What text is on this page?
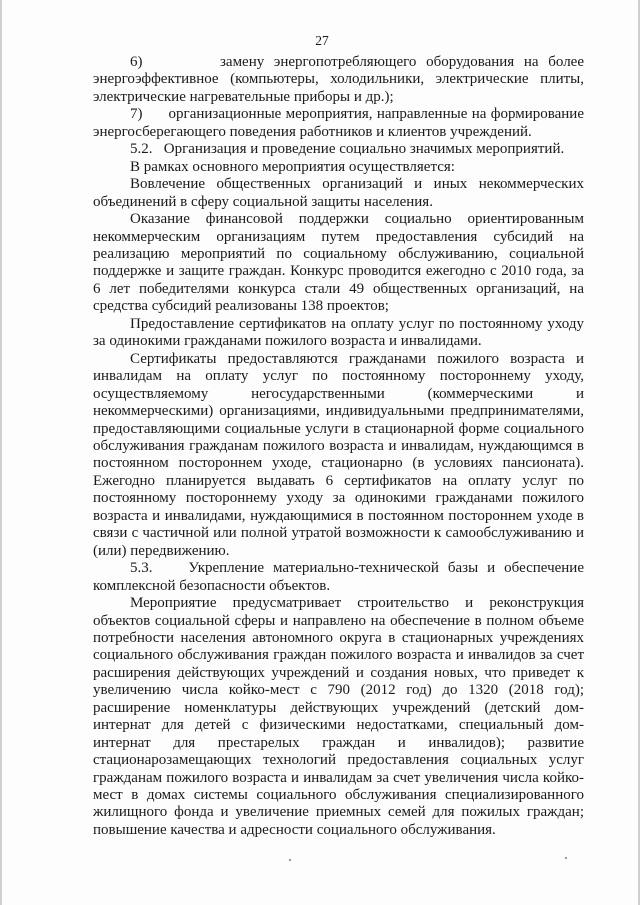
27

6)        замену энергопотребляющего оборудования на более энергоэффективное (компьютеры, холодильники, электрические плиты, электрические нагревательные приборы и др.);

7)      организационные мероприятия, направленные на формирование энергосберегающего поведения работников и клиентов учреждений.

5.2.   Организация и проведение социально значимых мероприятий.

В рамках основного мероприятия осуществляется:

Вовлечение общественных организаций и иных некоммерческих объединений в сферу социальной защиты населения.

Оказание финансовой поддержки социально ориентированным некоммерческим организациям путем предоставления субсидий на реализацию мероприятий по социальному обслуживанию, социальной поддержке и защите граждан. Конкурс проводится ежегодно с 2010 года, за 6 лет победителями конкурса стали 49 общественных организаций, на средства субсидий реализованы 138 проектов;

Предоставление сертификатов на оплату услуг по постоянному уходу за одинокими гражданами пожилого возраста и инвалидами.

Сертификаты предоставляются гражданами пожилого возраста и инвалидам на оплату услуг по постоянному постороннему уходу, осуществляемому негосударственными (коммерческими и некоммерческими) организациями, индивидуальными предпринимателями, предоставляющими социальные услуги в стационарной форме социального обслуживания гражданам пожилого возраста и инвалидам, нуждающимся в постоянном постороннем уходе, стационарно (в условиях пансионата). Ежегодно планируется выдавать 6 сертификатов на оплату услуг по постоянному постороннему уходу за одинокими гражданами пожилого возраста и инвалидами, нуждающимися в постоянном постороннем уходе в связи с частичной или полной утратой возможности к самообслуживанию и (или) передвижению.

5.3.    Укрепление материально-технической базы и обеспечение комплексной безопасности объектов.

Мероприятие предусматривает строительство и реконструкция объектов социальной сферы и направлено на обеспечение в полном объеме потребности населения автономного округа в стационарных учреждениях социального обслуживания граждан пожилого возраста и инвалидов за счет расширения действующих учреждений и создания новых, что приведет к увеличению числа койко-мест с 790 (2012 год) до 1320 (2018 год); расширение номенклатуры действующих учреждений (детский дом-интернат для детей с физическими недостатками, специальный дом-интернат для престарелых граждан и инвалидов); развитие стационарозамещающих технологий предоставления социальных услуг гражданам пожилого возраста и инвалидам за счет увеличения числа койко-мест в домах системы социального обслуживания специализированного жилищного фонда и увеличение приемных семей для пожилых граждан; повышение качества и адресности социального обслуживания.
